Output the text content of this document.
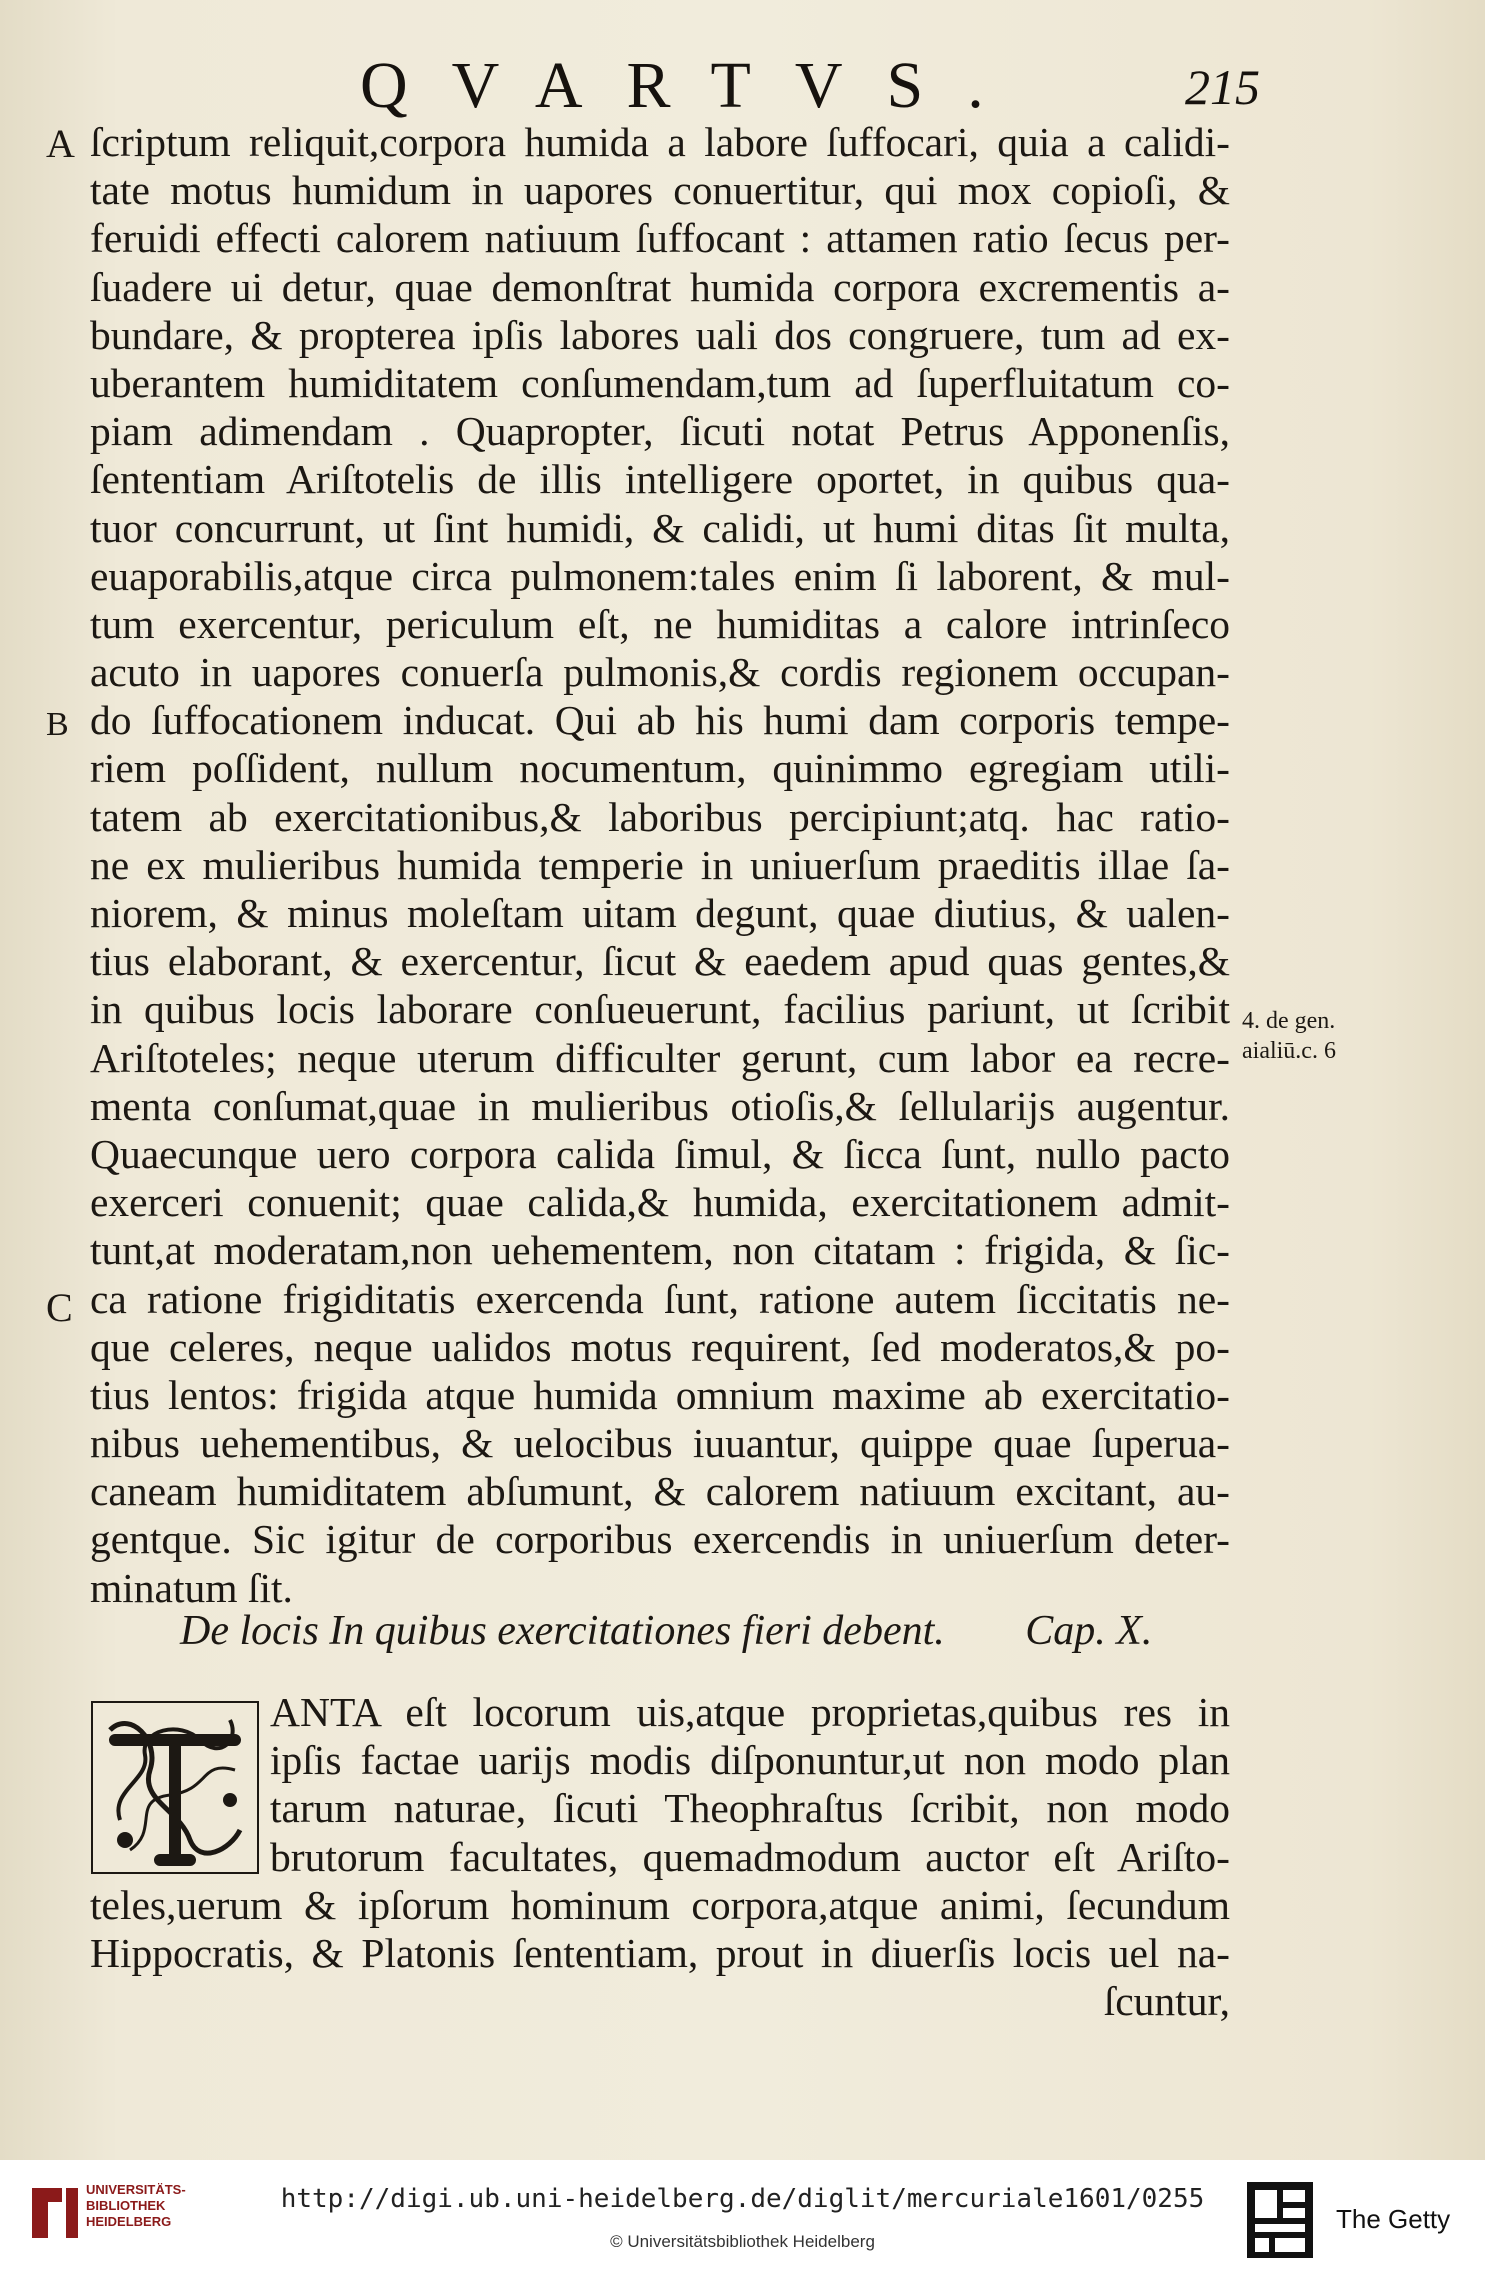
QVARTVS.	215
A
B
C
ſcriptum reliquit,corpora humida a labore ſuffocari, quia a calidi-
tate motus humidum in uapores conuertitur, qui mox copioſi, &
feruidi effecti calorem natiuum ſuffocant : attamen ratio ſecus per-
ſuadere ui detur, quae demonſtrat humida corpora excrementis a-
bundare, & propterea ipſis labores uali dos congruere, tum ad ex-
uberantem humiditatem conſumendam,tum ad ſuperfluitatum co-
piam adimendam . Quapropter, ſicuti notat Petrus Apponenſis,
ſententiam Ariſtotelis de illis intelligere oportet, in quibus qua-
tuor concurrunt, ut ſint humidi, & calidi, ut humi ditas ſit multa,
euaporabilis,atque circa pulmonem:tales enim ſi laborent, & mul-
tum exercentur, periculum eſt, ne humiditas a calore intrinſeco
acuto in uapores conuerſa pulmonis,& cordis regionem occupan-
do ſuffocationem inducat. Qui ab his humi dam corporis tempe-
riem poſſident, nullum nocumentum, quinimmo egregiam utili-
tatem ab exercitationibus,& laboribus percipiunt;atq. hac ratio-
ne ex mulieribus humida temperie in uniuerſum praeditis illae ſa-
niorem, & minus moleſtam uitam degunt, quae diutius, & ualen-
tius elaborant, & exercentur, ſicut & eaedem apud quas gentes,&
in quibus locis laborare conſueuerunt, facilius pariunt, ut ſcribit
Ariſtoteles; neque uterum difficulter gerunt, cum labor ea recre-
menta conſumat,quae in mulieribus otioſis,& ſellularijs augentur.
Quaecunque uero corpora calida ſimul, & ſicca ſunt, nullo pacto
exerceri conuenit; quae calida,& humida, exercitationem admit-
tunt,at moderatam,non uehementem, non citatam : frigida, & ſic-
ca ratione frigiditatis exercenda ſunt, ratione autem ſiccitatis ne-
que celeres, neque ualidos motus requirent, ſed moderatos,& po-
tius lentos: frigida atque humida omnium maxime ab exercitatio-
nibus uehementibus, & uelocibus iuuantur, quippe quae ſuperua-
caneam humiditatem abſumunt, & calorem natiuum excitant, au-
gentque. Sic igitur de corporibus exercendis in uniuerſum deter-
minatum ſit.
4. de gen.
aialiū.c. 6
De locis In quibus exercitationes fieri debent. Cap. X.
ANTA eſt locorum uis,atque proprietas,quibus res in
ipſis factae uarijs modis diſponuntur,ut non modo plan
tarum naturae, ſicuti Theophraſtus ſcribit, non modo
brutorum facultates, quemadmodum auctor eſt Ariſto-
teles,uerum & ipſorum hominum corpora,atque animi, ſecundum
Hippocratis, & Platonis ſententiam, prout in diuerſis locis uel na-
ſcuntur,
UNIVERSITÄTS-
BIBLIOTHEK
HEIDELBERG
http://digi.ub.uni-heidelberg.de/diglit/mercuriale1601/0255
© Universitätsbibliothek Heidelberg
The Getty
